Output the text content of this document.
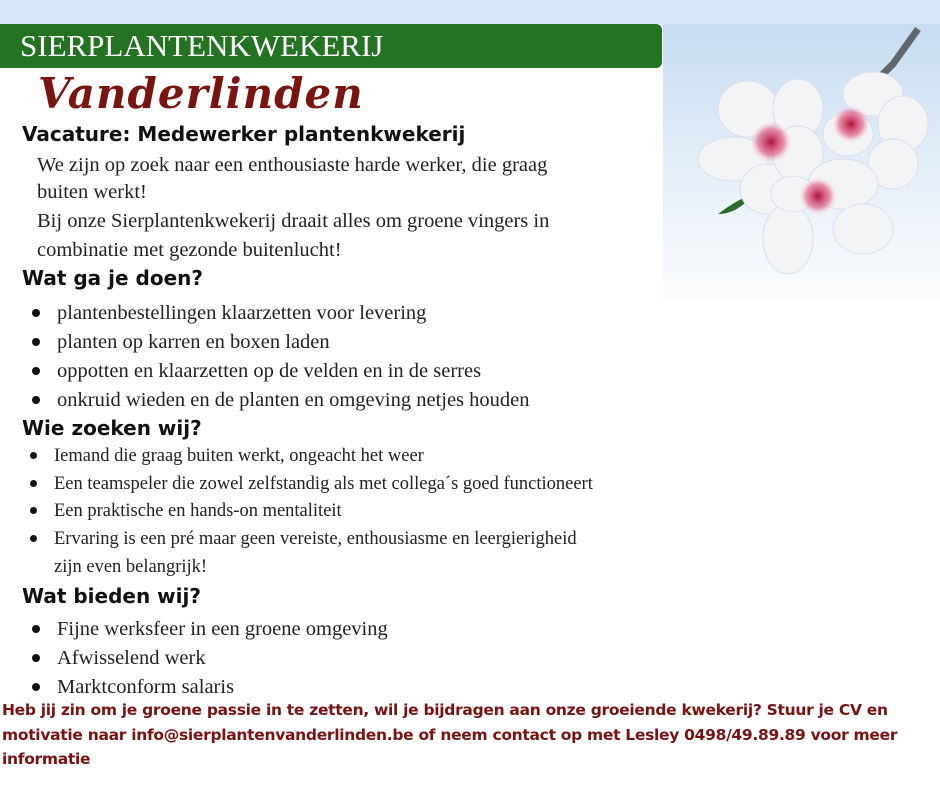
SIERPLANTENKWEKERIJ
Vanderlinden
Vacature: Medewerker plantenkwekerij
We zijn op zoek naar een enthousiaste harde werker, die graag
buiten werkt!
Bij onze Sierplantenkwekerij draait alles om groene vingers in
combinatie met gezonde buitenlucht!
Wat ga je doen?
plantenbestellingen klaarzetten voor levering
planten op karren en boxen laden
oppotten en klaarzetten op de velden en in de serres
onkruid wieden en de planten en omgeving netjes houden
Wie zoeken wij?
Iemand die graag buiten werkt, ongeacht het weer
Een teamspeler die zowel zelfstandig als met collega´s goed functioneert
Een praktische en hands-on mentaliteit
Ervaring is een pré maar geen vereiste, enthousiasme en leergierigheid
zijn even belangrijk!
Wat bieden wij?
Fijne werksfeer in een groene omgeving
Afwisselend werk
Marktconform salaris
Heb jij zin om je groene passie in te zetten, wil je bijdragen aan onze groeiende kwekerij? Stuur je CV en motivatie naar info@sierplantenvanderlinden.be of neem contact op met Lesley 0498/49.89.89 voor meer informatie
